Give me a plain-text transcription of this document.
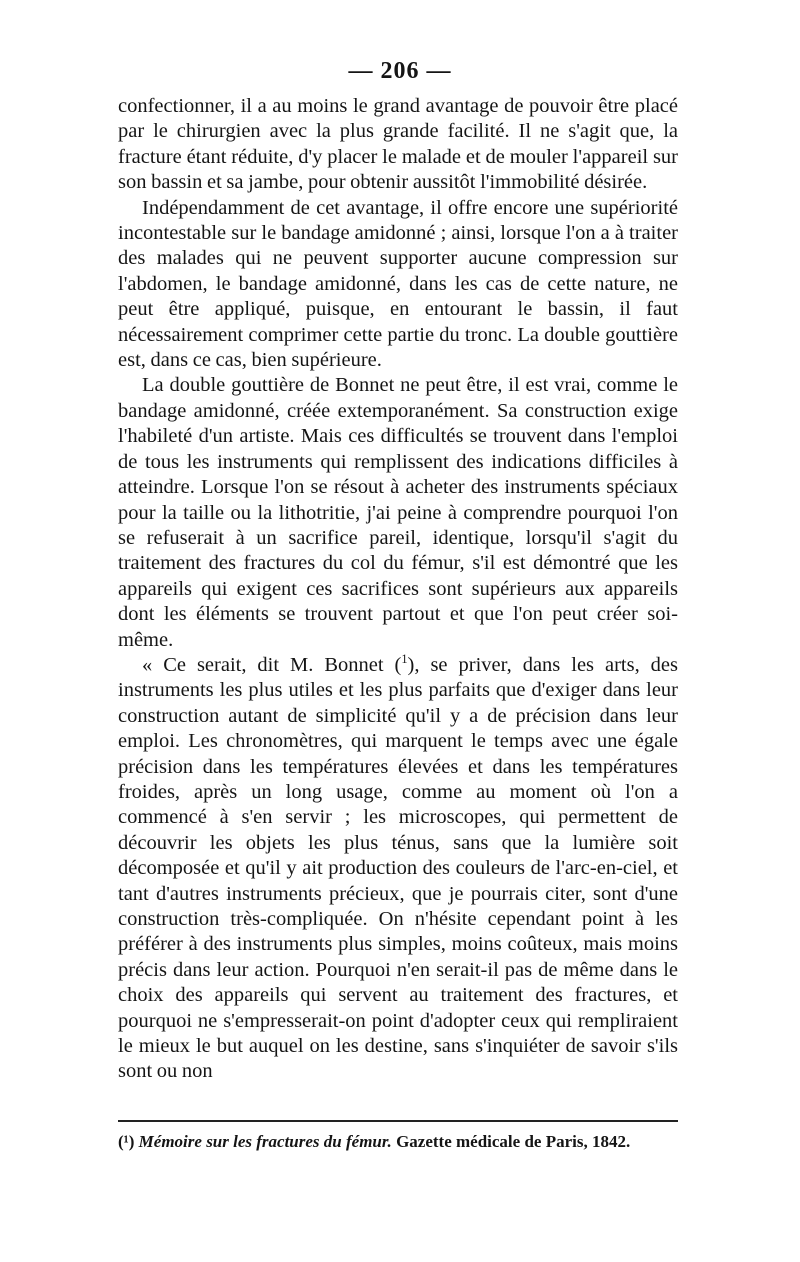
— 206 —

confectionner, il a au moins le grand avantage de pouvoir être placé par le chirurgien avec la plus grande facilité. Il ne s'agit que, la fracture étant réduite, d'y placer le malade et de mouler l'appareil sur son bassin et sa jambe, pour obtenir aussitôt l'immobilité désirée.

Indépendamment de cet avantage, il offre encore une supériorité incontestable sur le bandage amidonné ; ainsi, lorsque l'on a à traiter des malades qui ne peuvent supporter aucune compression sur l'abdomen, le bandage amidonné, dans les cas de cette nature, ne peut être appliqué, puisque, en entourant le bassin, il faut nécessairement comprimer cette partie du tronc. La double gouttière est, dans ce cas, bien supérieure.

La double gouttière de Bonnet ne peut être, il est vrai, comme le bandage amidonné, créée extemporanément. Sa construction exige l'habileté d'un artiste. Mais ces difficultés se trouvent dans l'emploi de tous les instruments qui remplissent des indications difficiles à atteindre. Lorsque l'on se résout à acheter des instruments spéciaux pour la taille ou la lithotritie, j'ai peine à comprendre pourquoi l'on se refuserait à un sacrifice pareil, identique, lorsqu'il s'agit du traitement des fractures du col du fémur, s'il est démontré que les appareils qui exigent ces sacrifices sont supérieurs aux appareils dont les éléments se trouvent partout et que l'on peut créer soi-même.

« Ce serait, dit M. Bonnet ($^1$), se priver, dans les arts, des instruments les plus utiles et les plus parfaits que d'exiger dans leur construction autant de simplicité qu'il y a de précision dans leur emploi. Les chronomètres, qui marquent le temps avec une égale précision dans les températures élevées et dans les températures froides, après un long usage, comme au moment où l'on a commencé à s'en servir ; les microscopes, qui permettent de découvrir les objets les plus ténus, sans que la lumière soit décomposée et qu'il y ait production des couleurs de l'arc-en-ciel, et tant d'autres instruments précieux, que je pourrais citer, sont d'une construction très-compliquée. On n'hésite cependant point à les préférer à des instruments plus simples, moins coûteux, mais moins précis dans leur action. Pourquoi n'en serait-il pas de même dans le choix des appareils qui servent au traitement des fractures, et pourquoi ne s'empresserait-on point d'adopter ceux qui rempliraient le mieux le but auquel on les destine, sans s'inquiéter de savoir s'ils sont ou non

(¹) Mémoire sur les fractures du fémur. Gazette médicale de Paris, 1842.
